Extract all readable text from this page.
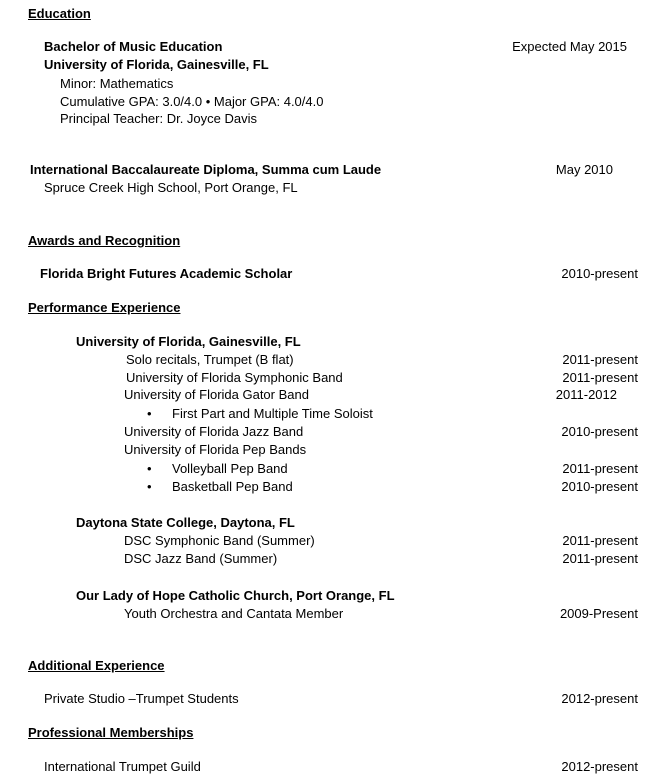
Education
Bachelor of Music Education	Expected May 2015
University of Florida, Gainesville, FL
Minor: Mathematics
Cumulative GPA: 3.0/4.0 • Major GPA: 4.0/4.0
Principal Teacher: Dr. Joyce Davis
International Baccalaureate Diploma, Summa cum Laude	May 2010
Spruce Creek High School, Port Orange, FL
Awards and Recognition
Florida Bright Futures Academic Scholar	2010-present
Performance Experience
University of Florida, Gainesville, FL
Solo recitals, Trumpet (B flat)	2011-present
University of Florida Symphonic Band	2011-present
University of Florida Gator Band	2011-2012
• First Part and Multiple Time Soloist
University of Florida Jazz Band	2010-present
University of Florida Pep Bands
• Volleyball Pep Band	2011-present
• Basketball Pep Band	2010-present
Daytona State College, Daytona, FL
DSC Symphonic Band (Summer)	2011-present
DSC Jazz Band (Summer)	2011-present
Our Lady of Hope Catholic Church, Port Orange, FL
Youth Orchestra and Cantata Member	2009-Present
Additional Experience
Private Studio –Trumpet Students	2012-present
Professional Memberships
International Trumpet Guild	2012-present
